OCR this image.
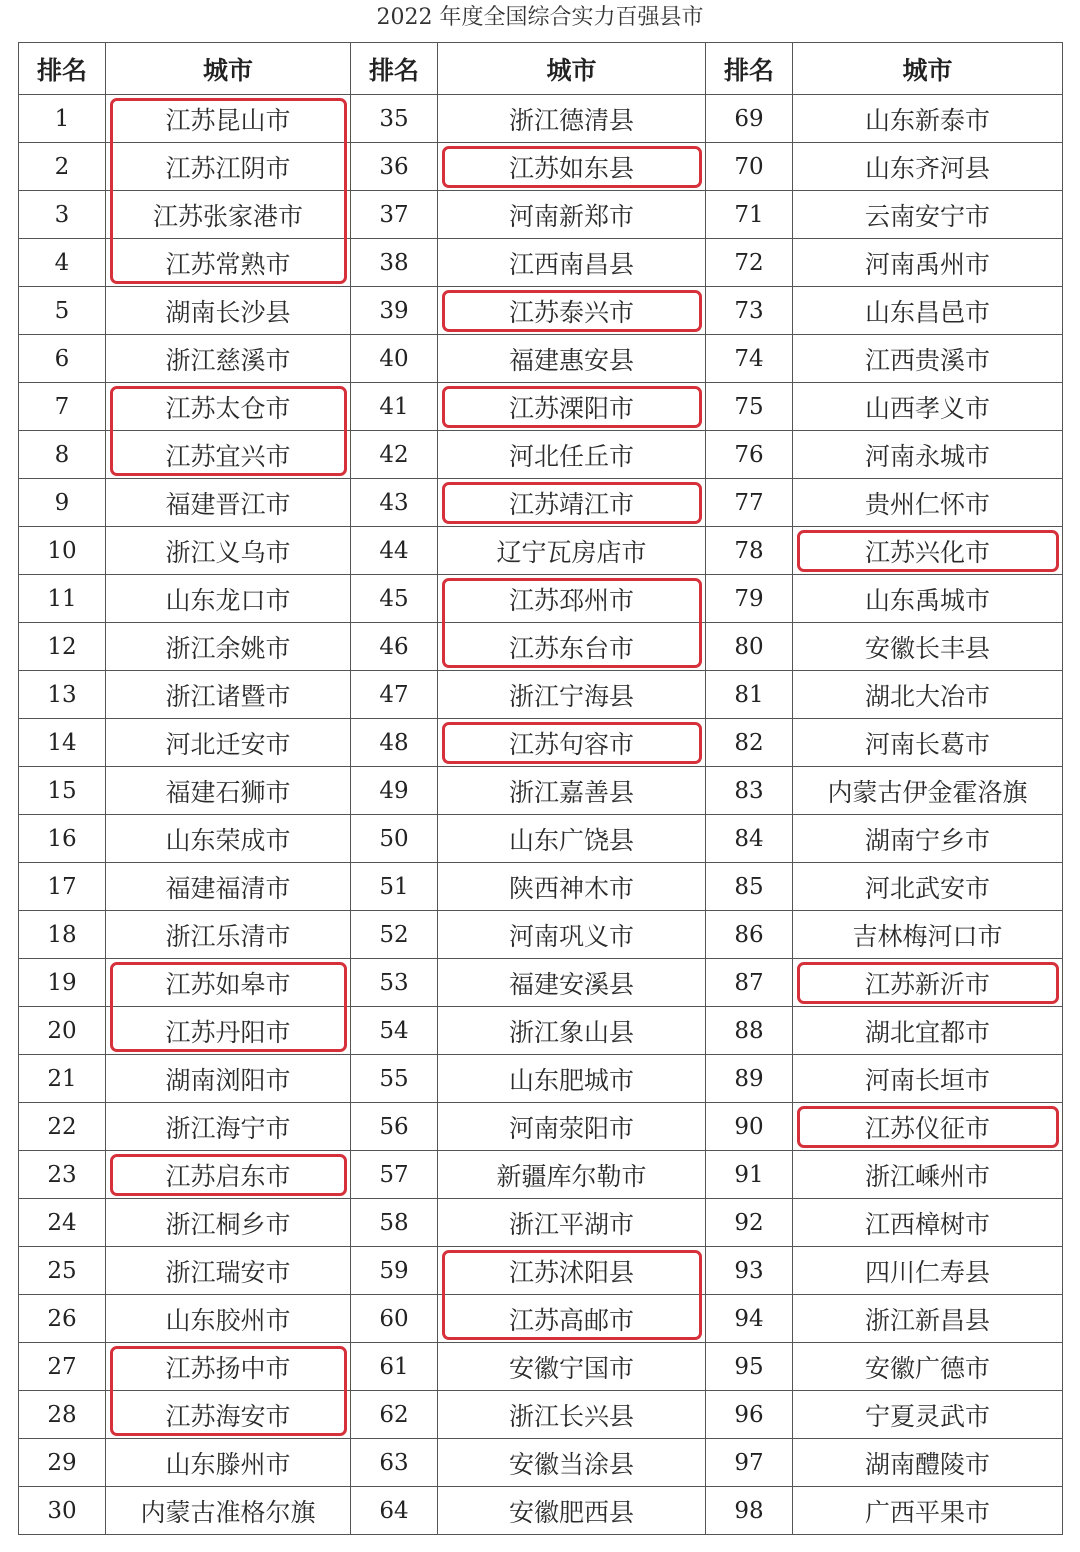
2022 年度全国综合实力百强县市
排名	城市	排名	城市	排名	城市
1	江苏昆山市	35	浙江德清县	69	山东新泰市
2	江苏江阴市	36	江苏如东县	70	山东齐河县
3	江苏张家港市	37	河南新郑市	71	云南安宁市
4	江苏常熟市	38	江西南昌县	72	河南禹州市
5	湖南长沙县	39	江苏泰兴市	73	山东昌邑市
6	浙江慈溪市	40	福建惠安县	74	江西贵溪市
7	江苏太仓市	41	江苏溧阳市	75	山西孝义市
8	江苏宜兴市	42	河北任丘市	76	河南永城市
9	福建晋江市	43	江苏靖江市	77	贵州仁怀市
10	浙江义乌市	44	辽宁瓦房店市	78	江苏兴化市
11	山东龙口市	45	江苏邳州市	79	山东禹城市
12	浙江余姚市	46	江苏东台市	80	安徽长丰县
13	浙江诸暨市	47	浙江宁海县	81	湖北大冶市
14	河北迁安市	48	江苏句容市	82	河南长葛市
15	福建石狮市	49	浙江嘉善县	83	内蒙古伊金霍洛旗
16	山东荣成市	50	山东广饶县	84	湖南宁乡市
17	福建福清市	51	陕西神木市	85	河北武安市
18	浙江乐清市	52	河南巩义市	86	吉林梅河口市
19	江苏如皋市	53	福建安溪县	87	江苏新沂市
20	江苏丹阳市	54	浙江象山县	88	湖北宜都市
21	湖南浏阳市	55	山东肥城市	89	河南长垣市
22	浙江海宁市	56	河南荥阳市	90	江苏仪征市
23	江苏启东市	57	新疆库尔勒市	91	浙江嵊州市
24	浙江桐乡市	58	浙江平湖市	92	江西樟树市
25	浙江瑞安市	59	江苏沭阳县	93	四川仁寿县
26	山东胶州市	60	江苏高邮市	94	浙江新昌县
27	江苏扬中市	61	安徽宁国市	95	安徽广德市
28	江苏海安市	62	浙江长兴县	96	宁夏灵武市
29	山东滕州市	63	安徽当涂县	97	湖南醴陵市
30	内蒙古准格尔旗	64	安徽肥西县	98	广西平果市
